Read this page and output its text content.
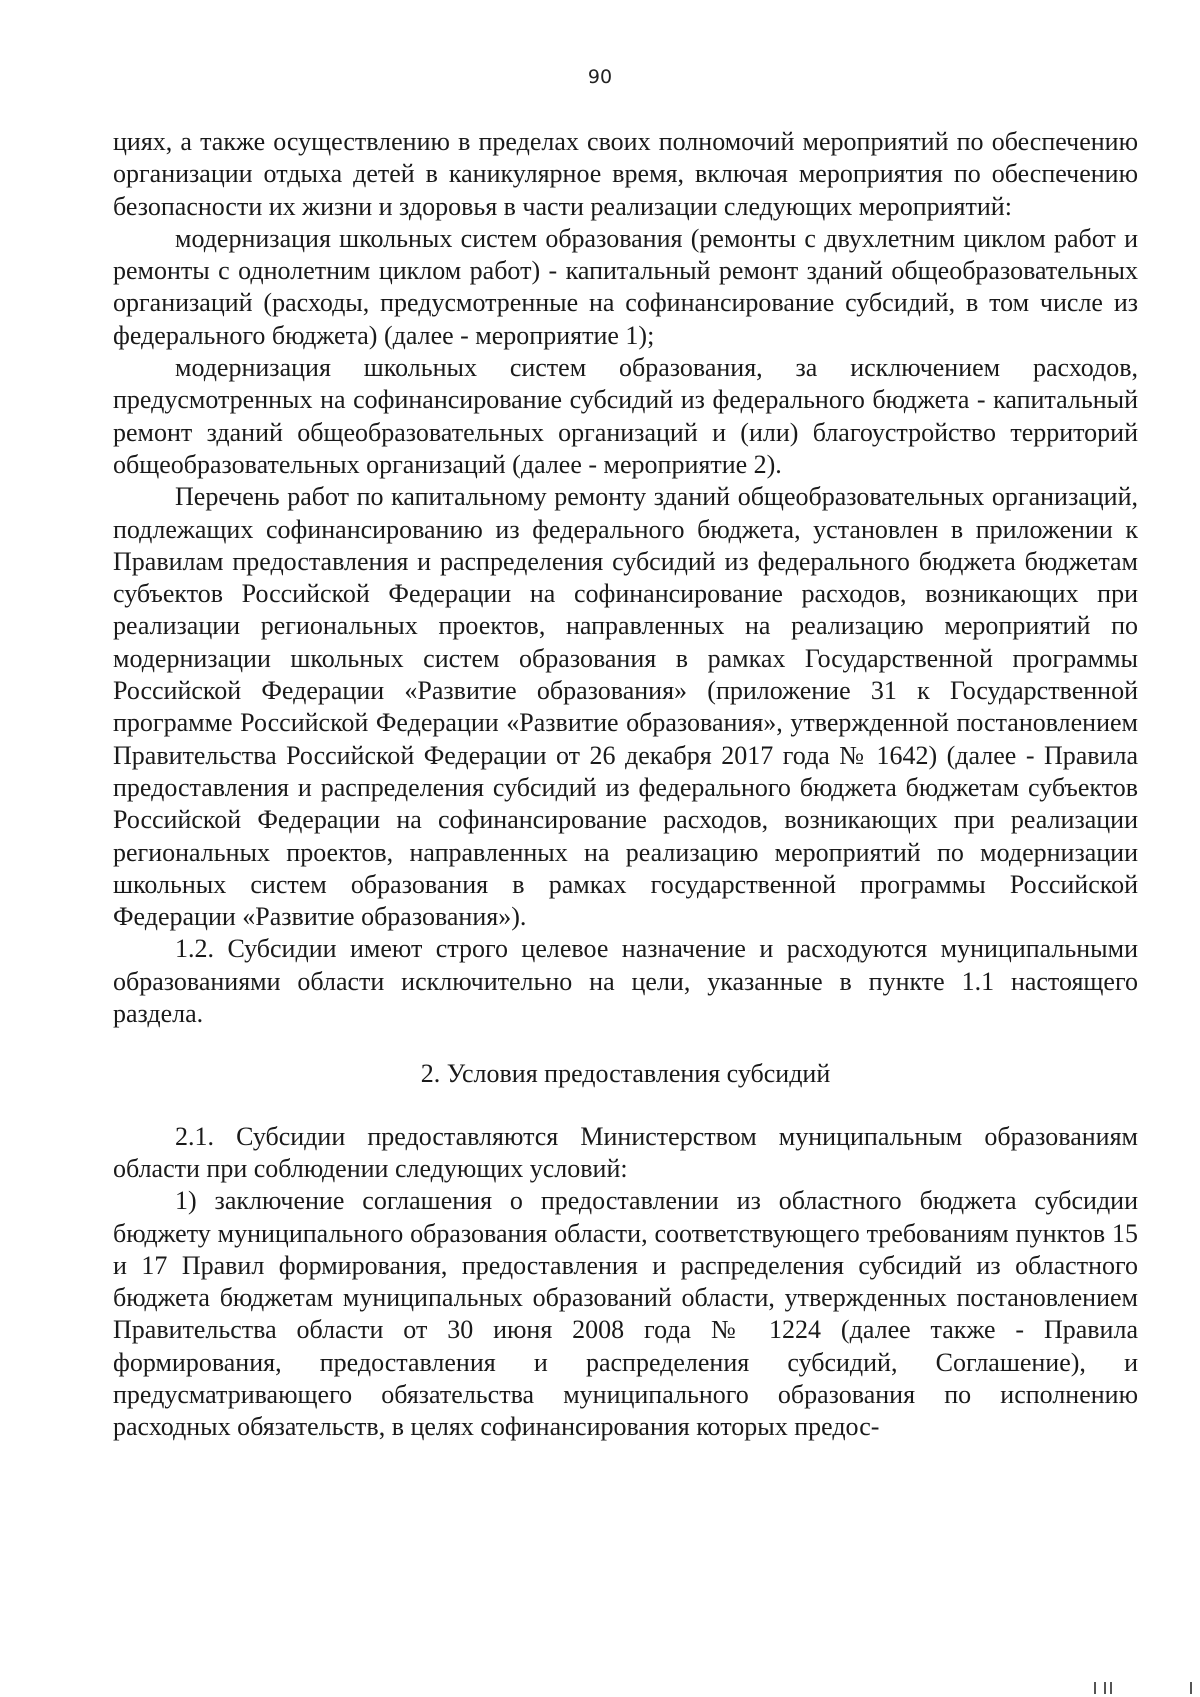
90

циях, а также осуществлению в пределах своих полномочий мероприятий по обеспечению организации отдыха детей в каникулярное время, включая мероприятия по обеспечению безопасности их жизни и здоровья в части реализации следующих мероприятий:

модернизация школьных систем образования (ремонты с двухлетним циклом работ и ремонты с однолетним циклом работ) - капитальный ремонт зданий общеобразовательных организаций (расходы, предусмотренные на софинансирование субсидий, в том числе из федерального бюджета) (далее - мероприятие 1);

модернизация школьных систем образования, за исключением расходов, предусмотренных на софинансирование субсидий из федерального бюджета - капитальный ремонт зданий общеобразовательных организаций и (или) благоустройство территорий общеобразовательных организаций (далее - мероприятие 2).

Перечень работ по капитальному ремонту зданий общеобразовательных организаций, подлежащих софинансированию из федерального бюджета, установлен в приложении к Правилам предоставления и распределения субсидий из федерального бюджета бюджетам субъектов Российской Федерации на софинансирование расходов, возникающих при реализации региональных проектов, направленных на реализацию мероприятий по модернизации школьных систем образования в рамках Государственной программы Российской Федерации «Развитие образования» (приложение 31 к Государственной программе Российской Федерации «Развитие образования», утвержденной постановлением Правительства Российской Федерации от 26 декабря 2017 года № 1642) (далее - Правила предоставления и распределения субсидий из федерального бюджета бюджетам субъектов Российской Федерации на софинансирование расходов, возникающих при реализации региональных проектов, направленных на реализацию мероприятий по модернизации школьных систем образования в рамках государственной программы Российской Федерации «Развитие образования»).

1.2. Субсидии имеют строго целевое назначение и расходуются муниципальными образованиями области исключительно на цели, указанные в пункте 1.1 настоящего раздела.

2. Условия предоставления субсидий

2.1. Субсидии предоставляются Министерством муниципальным образованиям области при соблюдении следующих условий:

1) заключение соглашения о предоставлении из областного бюджета субсидии бюджету муниципального образования области, соответствующего требованиям пунктов 15 и 17 Правил формирования, предоставления и распределения субсидий из областного бюджета бюджетам муниципальных образований области, утвержденных постановлением Правительства области от 30 июня 2008 года № 1224 (далее также - Правила формирования, предоставления и распределения субсидий, Соглашение), и предусматривающего обязательства муниципального образования по исполнению расходных обязательств, в целях софинансирования которых предос-
